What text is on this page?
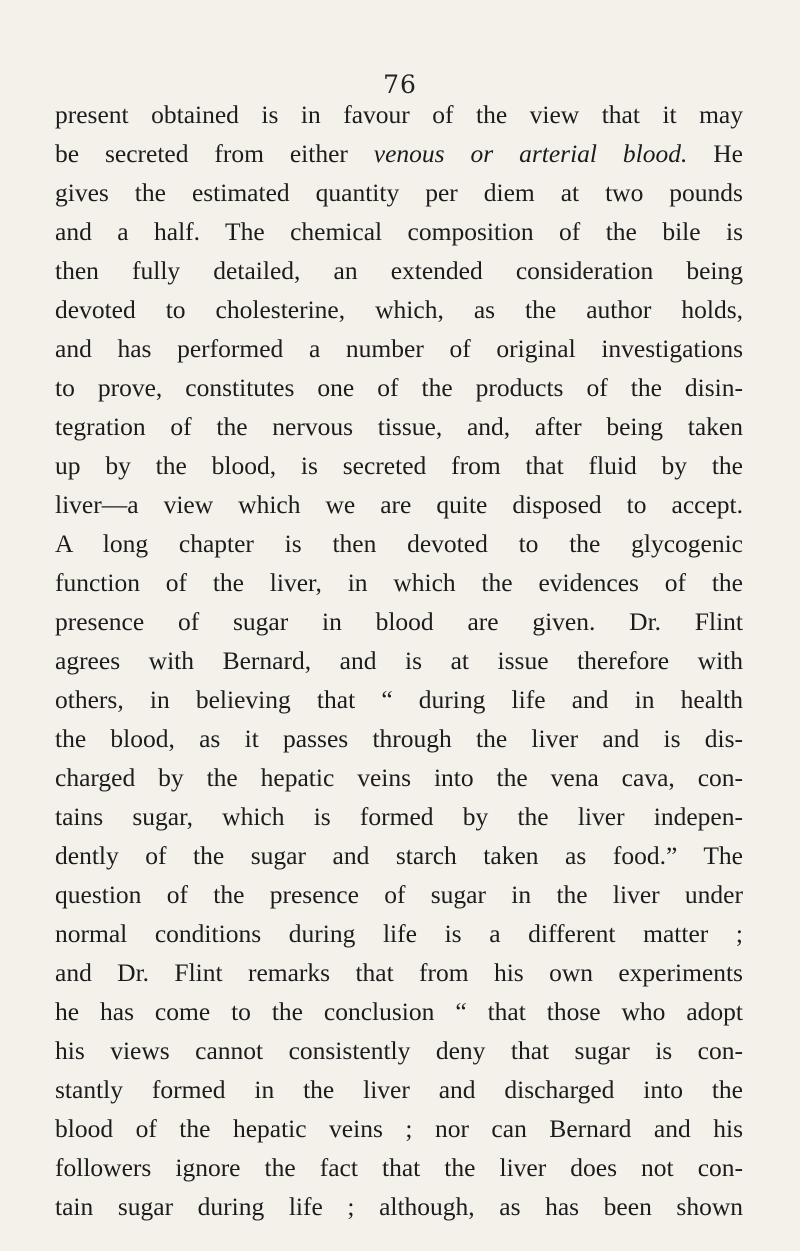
76
present obtained is in favour of the view that it may
be secreted from either venous or arterial blood. He
gives the estimated quantity per diem at two pounds
and a half. The chemical composition of the bile is
then fully detailed, an extended consideration being
devoted to cholesterine, which, as the author holds,
and has performed a number of original investigations
to prove, constitutes one of the products of the disin-
tegration of the nervous tissue, and, after being taken
up by the blood, is secreted from that fluid by the
liver—a view which we are quite disposed to accept.
A long chapter is then devoted to the glycogenic
function of the liver, in which the evidences of the
presence of sugar in blood are given. Dr. Flint
agrees with Bernard, and is at issue therefore with
others, in believing that “ during life and in health
the blood, as it passes through the liver and is dis-
charged by the hepatic veins into the vena cava, con-
tains sugar, which is formed by the liver indepen-
dently of the sugar and starch taken as food.” The
question of the presence of sugar in the liver under
normal conditions during life is a different matter ;
and Dr. Flint remarks that from his own experiments
he has come to the conclusion “ that those who adopt
his views cannot consistently deny that sugar is con-
stantly formed in the liver and discharged into the
blood of the hepatic veins ; nor can Bernard and his
followers ignore the fact that the liver does not con-
tain sugar during life ; although, as has been shown
